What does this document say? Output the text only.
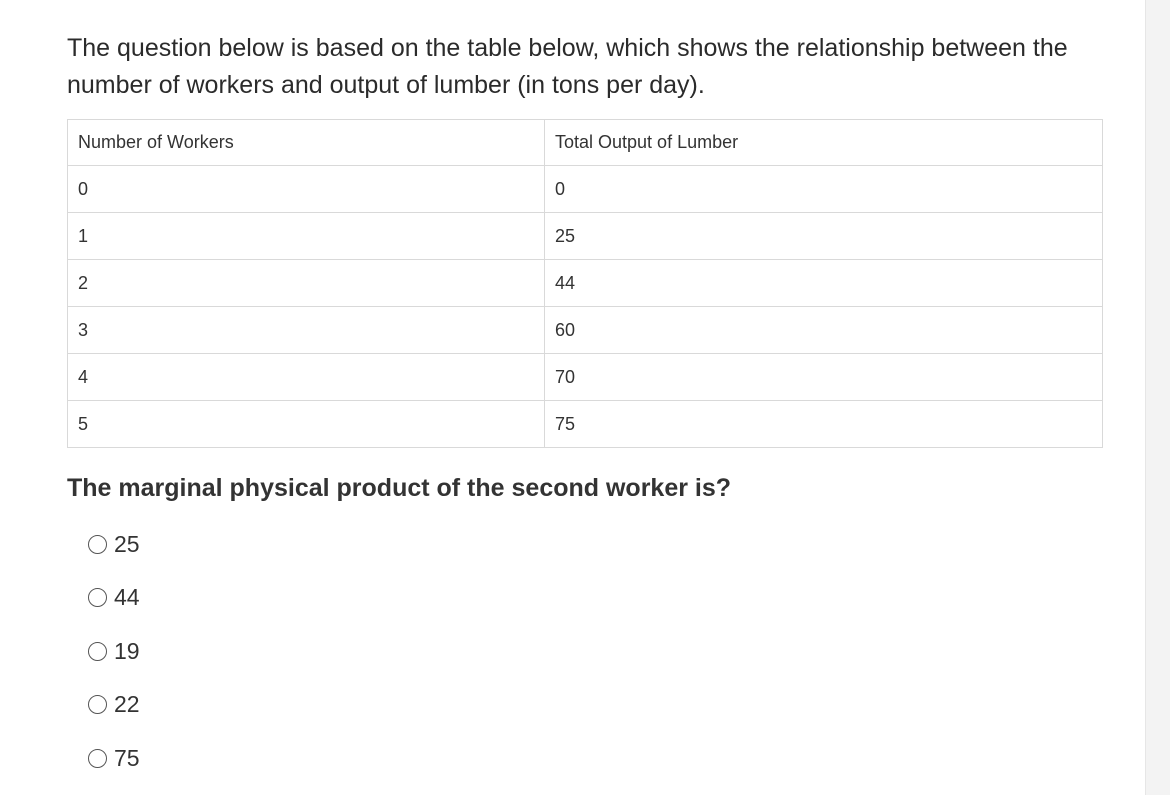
The question below is based on the table below, which shows the relationship between the number of workers and output of lumber (in tons per day).

Number of Workers	Total Output of Lumber
0	0
1	25
2	44
3	60
4	70
5	75

The marginal physical product of the second worker is?

25
44
19
22
75
